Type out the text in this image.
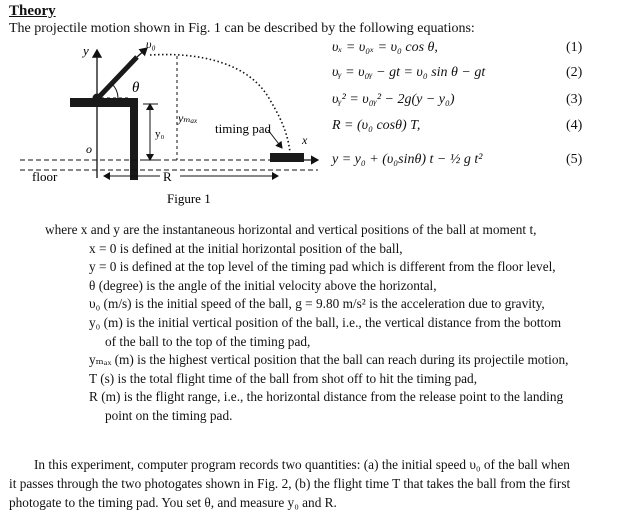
Theory
The projectile motion shown in Fig. 1 can be described by the following equations:
υₓ = υ₀ₓ = υ₀ cos θ,	(1)
υᵧ = υ₀ᵧ − gt = υ₀ sin θ − gt	(2)
υᵧ² = υ₀ᵧ² − 2g(y − y₀)	(3)
R = (υ₀ cosθ) T,	(4)
y = y₀ + (υ₀sinθ) t − ½ g t²	(5)
y	υ₀
θ
yₘₐₓ
y₀	timing pad
x
o
floor	R
Figure 1
where x and y are the instantaneous horizontal and vertical positions of the ball at moment t,
x = 0 is defined at the initial horizontal position of the ball,
y = 0 is defined at the top level of the timing pad which is different from the floor level,
θ (degree) is the angle of the initial velocity above the horizontal,
υ₀ (m/s) is the initial speed of the ball, g = 9.80 m/s² is the acceleration due to gravity,
y₀ (m) is the initial vertical position of the ball, i.e., the vertical distance from the bottom
of the ball to the top of the timing pad,
yₘₐₓ (m) is the highest vertical position that the ball can reach during its projectile motion,
T (s) is the total flight time of the ball from shot off to hit the timing pad,
R (m) is the flight range, i.e., the horizontal distance from the release point to the landing
point on the timing pad.
In this experiment, computer program records two quantities: (a) the initial speed υ₀ of the ball when
it passes through the two photogates shown in Fig. 2, (b) the flight time T that takes the ball from the first
photogate to the timing pad. You set θ, and measure y₀ and R.
